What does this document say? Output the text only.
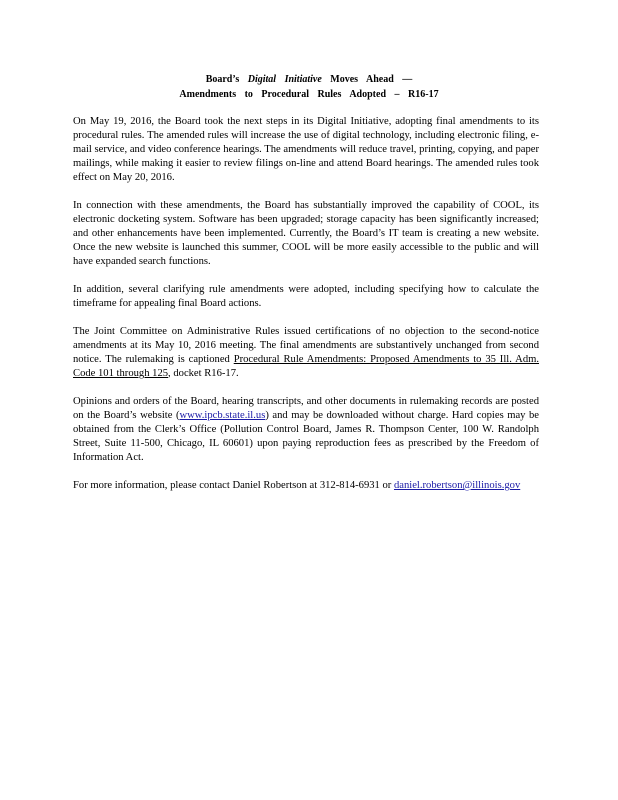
Board’s Digital Initiative Moves Ahead —
Amendments to Procedural Rules Adopted – R16-17

On May 19, 2016, the Board took the next steps in its Digital Initiative, adopting final amendments to its procedural rules. The amended rules will increase the use of digital technology, including electronic filing, e-mail service, and video conference hearings. The amendments will reduce travel, printing, copying, and paper mailings, while making it easier to review filings on-line and attend Board hearings. The amended rules took effect on May 20, 2016.

In connection with these amendments, the Board has substantially improved the capability of COOL, its electronic docketing system. Software has been upgraded; storage capacity has been significantly increased; and other enhancements have been implemented. Currently, the Board’s IT team is creating a new website. Once the new website is launched this summer, COOL will be more easily accessible to the public and will have expanded search functions.

In addition, several clarifying rule amendments were adopted, including specifying how to calculate the timeframe for appealing final Board actions.

The Joint Committee on Administrative Rules issued certifications of no objection to the second-notice amendments at its May 10, 2016 meeting. The final amendments are substantively unchanged from second notice. The rulemaking is captioned Procedural Rule Amendments: Proposed Amendments to 35 Ill. Adm. Code 101 through 125, docket R16-17.

Opinions and orders of the Board, hearing transcripts, and other documents in rulemaking records are posted on the Board’s website (www.ipcb.state.il.us) and may be downloaded without charge. Hard copies may be obtained from the Clerk’s Office (Pollution Control Board, James R. Thompson Center, 100 W. Randolph Street, Suite 11-500, Chicago, IL 60601) upon paying reproduction fees as prescribed by the Freedom of Information Act.

For more information, please contact Daniel Robertson at 312-814-6931 or daniel.robertson@illinois.gov
